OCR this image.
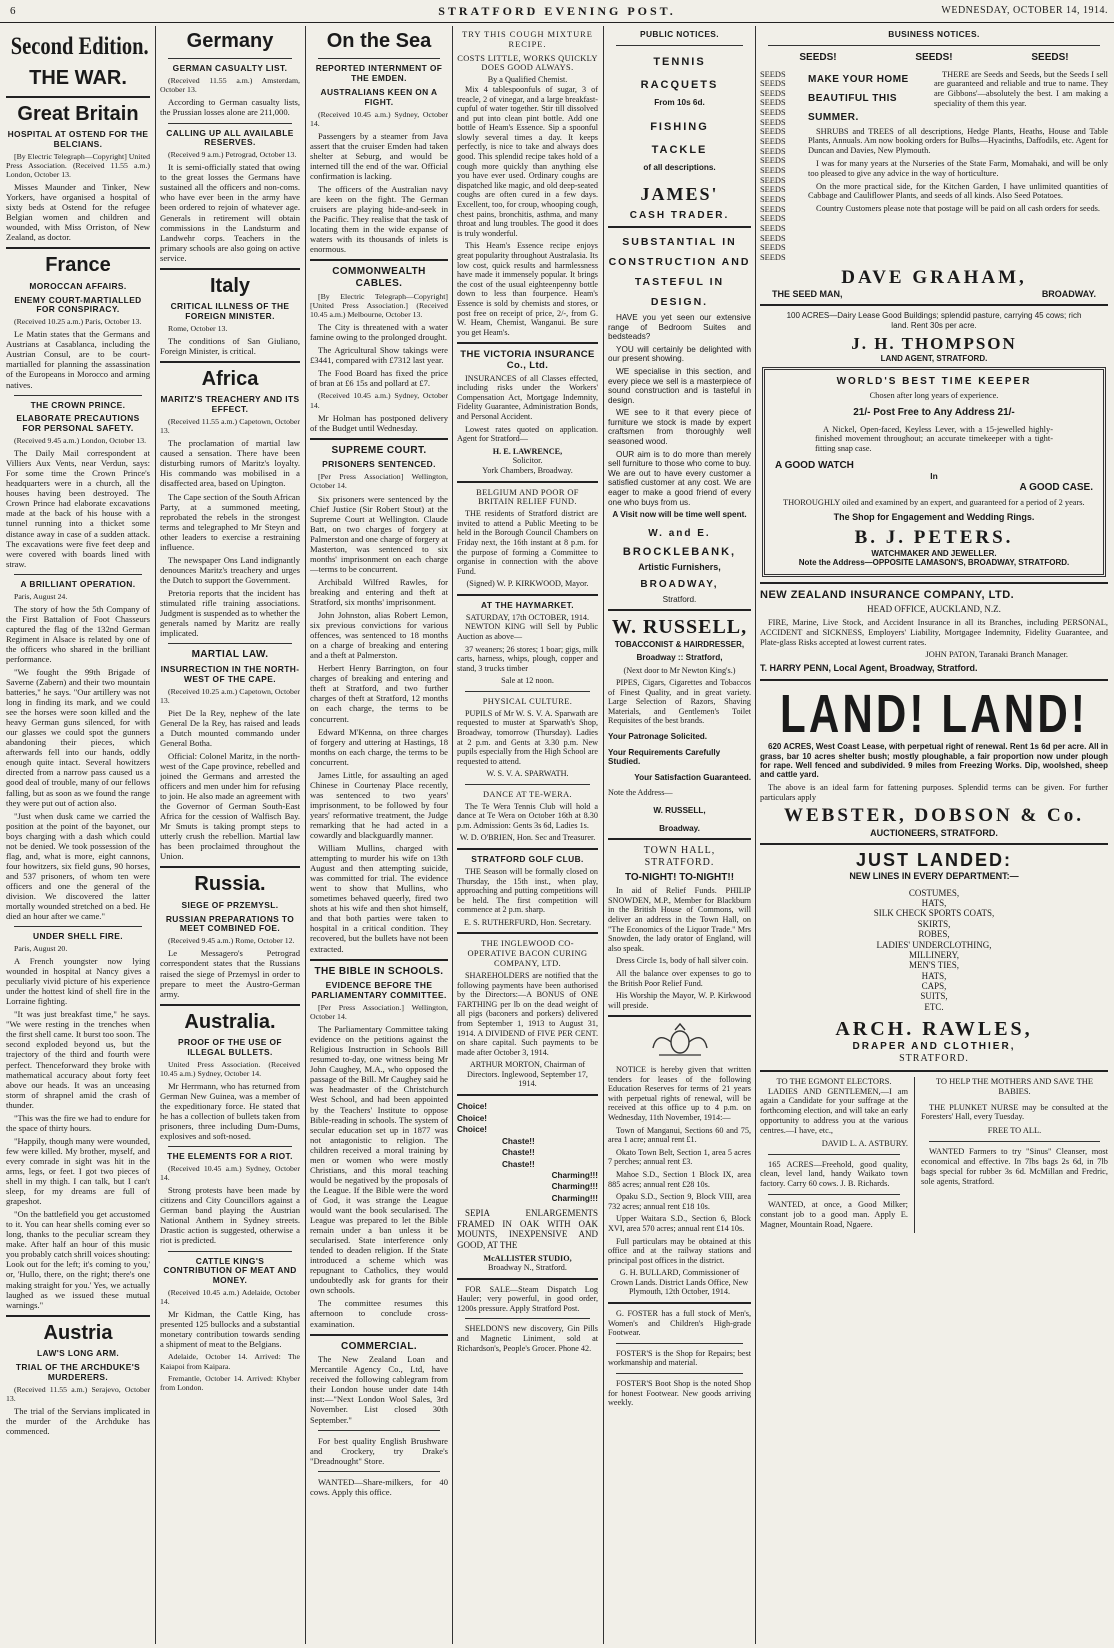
6	STRATFORD EVENING POST.	WEDNESDAY, OCTOBER 14, 1914.
Second Edition.
THE WAR.
Great Britain
HOSPITAL AT OSTEND FOR THE BELCIANS.

[By Electric Telegraph—Copyright] United Press Association. (Received 11.55 a.m.) London, October 13.

Misses Maunder and Tinker, New Yorkers, have organised a hospital of sixty beds at Ostend for the refugee Belgian women and children and wounded, with Miss Orriston, of New Zealand, as doctor.

France
MOROCCAN AFFAIRS.
ENEMY COURT-MARTIALLED FOR CONSPIRACY.

(Received 10.25 a.m.) Paris, October 13.

Le Matin states that the Germans and Austrians at Casablanca, including the Austrian Consul, are to be court-martialled for planning the assassination of the Europeans in Morocco and arming natives.

THE CROWN PRINCE.
ELABORATE PRECAUTIONS FOR PERSONAL SAFETY.

(Received 9.45 a.m.) London, October 13.

The Daily Mail correspondent at Villiers Aux Vents, near Verdun, says: For some time the Crown Prince's headquarters were in a church, all the houses having been destroyed. The Crown Prince had elaborate excavations made at the back of his house with a tunnel running into a thicket some distance away in case of a sudden attack. The excavations were five feet deep and were covered with boards lined with straw.

A BRILLIANT OPERATION.

Paris, August 24.

The story of how the 5th Company of the First Battalion of Foot Chasseurs captured the flag of the 132nd German Regiment in Alsace is related by one of the officers who shared in the brilliant performance.

"We fought the 99th Brigade of Saverne (Zabern) and their two mountain batteries," he says. "Our artillery was not long in finding its mark, and we could see the horses were soon killed and the heavy German guns silenced, for with our glasses we could spot the gunners abandoning their pieces, which afterwards fell into our hands, oddly enough quite intact. Several howitzers directed from a narrow pass caused us a good deal of trouble, many of our fellows falling, but as soon as we found the range they were put out of action also.

"Just when dusk came we carried the position at the point of the bayonet, our boys charging with a dash which could not be denied. We took possession of the flag, and, what is more, eight cannons, four howitzers, six field guns, 90 horses, and 537 prisoners, of whom ten were officers and one the general of the division. We discovered the latter mortally wounded stretched on a bed. He died an hour after we came."

UNDER SHELL FIRE.

Paris, August 20.

A French youngster now lying wounded in hospital at Nancy gives a peculiarly vivid picture of his experience under the hottest kind of shell fire in the Lorraine fighting.

"It was just breakfast time," he says. "We were resting in the trenches when the first shell came. It burst too soon. The second exploded beyond us, but the trajectory of the third and fourth were perfect. Thenceforward they broke with mathematical accuracy about forty feet above our heads. It was an unceasing storm of shrapnel amid the crash of thunder.

"This was the fire we had to endure for the space of thirty hours.

"Happily, though many were wounded, few were killed. My brother, myself, and every comrade in sight was hit in the arms, legs, or feet. I got two pieces of shell in my thigh. I can talk, but I can't sleep, for my dreams are full of grapeshot.

"On the battlefield you get accustomed to it. You can hear shells coming ever so long, thanks to the peculiar scream they make. After half an hour of this music you probably catch shrill voices shouting: Look out for the left; it's coming to you,' or, 'Hullo, there, on the right; there's one making straight for you.' Yes, we actually laughed as we issued these mutual warnings."

Austria
LAW'S LONG ARM.
TRIAL OF THE ARCHDUKE'S MURDERERS.

(Received 11.55 a.m.) Serajevo, October 13.

The trial of the Servians implicated in the murder of the Archduke has commenced.

Germany
GERMAN CASUALTY LIST.

(Received 11.55 a.m.) Amsterdam, October 13.

According to German casualty lists, the Prussian losses alone are 211,000.

CALLING UP ALL AVAILABLE RESERVES.

(Received 9 a.m.) Petrograd, October 13.

It is semi-officially stated that owing to the great losses the Germans have sustained all the officers and non-coms. who have ever been in the army have been ordered to rejoin of whatever age. Generals in retirement will obtain commissions in the Landsturm and Landwehr corps. Teachers in the primary schools are also going on active service.

Italy
CRITICAL ILLNESS OF THE FOREIGN MINISTER.

Rome, October 13.

The conditions of San Giuliano, Foreign Minister, is critical.

Africa
MARITZ'S TREACHERY AND ITS EFFECT.

(Received 11.55 a.m.) Capetown, October 13.

The proclamation of martial law caused a sensation. There have been disturbing rumors of Maritz's loyalty. His commando was mobilised in a disaffected area, based on Upington.

The Cape section of the South African Party, at a summoned meeting, reprobated the rebels in the strongest terms and telegraphed to Mr Steyn and other leaders to exercise a restraining influence.

The newspaper Ons Land indignantly denounces Maritz's treachery and urges the Dutch to support the Government.

Pretoria reports that the incident has stimulated rifle training associations. Judgment is suspended as to whether the generals named by Maritz are really implicated.

MARTIAL LAW.
INSURRECTION IN THE NORTH-WEST OF THE CAPE.

(Received 10.25 a.m.) Capetown, October 13.

Piet De la Rey, nephew of the late General De la Rey, has raised and leads a Dutch mounted commando under General Botha.

Official: Colonel Maritz, in the north-west of the Cape province, rebelled and joined the Germans and arrested the officers and men under him for refusing to join. He also made an agreement with the Governor of German South-East Africa for the cession of Walfisch Bay. Mr Smuts is taking prompt steps to utterly crush the rebellion. Martial law has been proclaimed throughout the Union.

Russia.
SIEGE OF PRZEMYSL.
RUSSIAN PREPARATIONS TO MEET COMBINED FOE.

(Received 9.45 a.m.) Rome, October 12.

Le Messagero's Petrograd correspondent states that the Russians raised the siege of Przemysl in order to prepare to meet the Austro-German army.

Australia.
PROOF OF THE USE OF ILLEGAL BULLETS.

United Press Association. (Received 10.45 a.m.) Sydney, October 14.

Mr Herrmann, who has returned from German New Guinea, was a member of the expeditionary force. He stated that he has a collection of bullets taken from prisoners, three including Dum-Dums, explosives and soft-nosed.

THE ELEMENTS FOR A RIOT.

(Received 10.45 a.m.) Sydney, October 14.

Strong protests have been made by citizens and City Councillors against a German band playing the Austrian National Anthem in Sydney streets. Drastic action is suggested, otherwise a riot is predicted.

CATTLE KING'S CONTRIBUTION OF MEAT AND MONEY.

(Received 10.45 a.m.) Adelaide, October 14.

Mr Kidman, the Cattle King, has presented 125 bullocks and a substantial monetary contribution towards sending a shipment of meat to the Belgians.

Adelaide, October 14. Arrived: The Kaiapoi from Kaipara.

Fremantle, October 14. Arrived: Khyber from London.

On the Sea
REPORTED INTERNMENT OF THE EMDEN.
AUSTRALIANS KEEN ON A FIGHT.

(Received 10.45 a.m.) Sydney, October 14.

Passengers by a steamer from Java assert that the cruiser Emden had taken shelter at Seburg, and would be interned till the end of the war. Official confirmation is lacking.

The officers of the Australian navy are keen on the fight. The German cruisers are playing hide-and-seek in the Pacific. They realise that the task of locating them in the wide expanse of waters with its thousands of inlets is enormous.

COMMONWEALTH CABLES.

[By Electric Telegraph—Copyright] [United Press Association.] (Received 10.45 a.m.) Melbourne, October 13.

The City is threatened with a water famine owing to the prolonged drought.

The Agricultural Show takings were £3441, compared with £7312 last year.

The Food Board has fixed the price of bran at £6 15s and pollard at £7.

(Received 10.45 a.m.) Sydney, October 14.

Mr Holman has postponed delivery of the Budget until Wednesday.

SUPREME COURT.
PRISONERS SENTENCED.

[Per Press Association] Wellington, October 14.

Six prisoners were sentenced by the Chief Justice (Sir Robert Stout) at the Supreme Court at Wellington. Claude Batt, on two charges of forgery at Palmerston and one charge of forgery at Masterton, was sentenced to six months' imprisonment on each charge—terms to be concurrent.

Archibald Wilfred Rawles, for breaking and entering and theft at Stratford, six months' imprisonment.

John Johnston, alias Robert Lemon, six previous convictions for various offences, was sentenced to 18 months on a charge of breaking and entering and a theft at Palmerston.

Herbert Henry Barrington, on four charges of breaking and entering and theft at Stratford, and two further charges of theft at Stratford, 12 months on each charge, the terms to be concurrent.

Edward M'Kenna, on three charges of forgery and uttering at Hastings, 18 months on each charge, the terms to be concurrent.

James Little, for assaulting an aged Chinese in Courtenay Place recently, was sentenced to two years' imprisonment, to be followed by four years' reformative treatment, the Judge remarking that he had acted in a cowardly and blackguardly manner.

William Mullins, charged with attempting to murder his wife on 13th August and then attempting suicide, was committed for trial. The evidence went to show that Mullins, who sometimes behaved queerly, fired two shots at his wife and then shot himself, and that both parties were taken to hospital in a critical condition. They recovered, but the bullets have not been extracted.

THE BIBLE IN SCHOOLS.
EVIDENCE BEFORE THE PARLIAMENTARY COMMITTEE.

[Per Press Association.] Wellington, October 14.

The Parliamentary Committee taking evidence on the petitions against the Religious Instruction in Schools Bill resumed to-day, one witness being Mr John Caughey, M.A., who opposed the passage of the Bill. Mr Caughey said he was headmaster of the Christchurch West School, and had been appointed by the Teachers' Institute to oppose Bible-reading in schools. The system of secular education set up in 1877 was not antagonistic to religion. The children received a moral training by men or women who were mostly Christians, and this moral teaching would be negatived by the proposals of the League. If the Bible were the word of God, it was strange the League would want the book secularised. The League was prepared to let the Bible remain under a ban unless it be secularised. State interference only tended to deaden religion. If the State introduced a scheme which was repugnant to Catholics, they would undoubtedly ask for grants for their own schools.

The committee resumes this afternoon to conclude cross-examination.

COMMERCIAL.

The New Zealand Loan and Mercantile Agency Co., Ltd, have received the following cablegram from their London house under date 14th inst:—"Next London Wool Sales, 3rd November. List closed 30th September."

For best quality English Brushware and Crockery, try Drake's "Dreadnought" Store.

WANTED—Share-milkers, for 40 cows. Apply this office.

TRY THIS COUGH MIXTURE RECIPE.
COSTS LITTLE, WORKS QUICKLY DOES GOOD ALWAYS.
By a Qualified Chemist.

Mix 4 tablespoonfuls of sugar, 3 of treacle, 2 of vinegar, and a large breakfast-cupful of water together. Stir till dissolved and put into clean pint bottle. Add one bottle of Heam's Essence. Sip a spoonful slowly several times a day. It keeps perfectly, is nice to take and always does good. This splendid recipe takes hold of a cough more quickly than anything else you have ever used. Ordinary coughs are dispatched like magic, and old deep-seated coughs are often cured in a few days. Excellent, too, for croup, whooping cough, chest pains, bronchitis, asthma, and many throat and lung troubles. The good it does is truly wonderful.

This Heam's Essence recipe enjoys great popularity throughout Australasia. Its low cost, quick results and harmlessness have made it immensely popular. It brings the cost of the usual eighteenpenny bottle down to less than fourpence. Heam's Essence is sold by chemists and stores, or post free on receipt of price, 2/-, from G. W. Heam, Chemist, Wanganui. Be sure you get Heam's.

THE VICTORIA INSURANCE Co., Ltd.

INSURANCES of all Classes effected, including risks under the Workers' Compensation Act, Mortgage Indemnity, Fidelity Guarantee, Administration Bonds, and Personal Accident.

Lowest rates quoted on application. Agent for Stratford—

H. E. LAWRENCE,
Solicitor.
York Chambers, Broadway.
BELGIUM AND POOR OF BRITAIN RELIEF FUND.

THE residents of Stratford district are invited to attend a Public Meeting to be held in the Borough Council Chambers on Friday next, the 16th instant at 8 p.m. for the purpose of forming a Committee to organise in connection with the above Fund.

(Signed) W. P. KIRKWOOD, Mayor.
AT THE HAYMARKET.
SATURDAY, 17th OCTOBER, 1914.

NEWTON KING will Sell by Public Auction as above—

37 weaners; 26 stores; 1 boar; gigs, milk carts, harness, whips, plough, copper and stand, 3 trucks timber

Sale at 12 noon.
PHYSICAL CULTURE.

PUPILS of Mr W. S. V. A. Sparwath are requested to muster at Sparwath's Shop, Broadway, tomorrow (Thursday). Ladies at 2 p.m. and Gents at 3.30 p.m. New pupils especially from the High School are requested to attend.

W. S. V. A. SPARWATH.
DANCE AT TE-WERA.

The Te Wera Tennis Club will hold a dance at Te Wera on October 16th at 8.30 p.m. Admission: Gents 3s 6d, Ladies 1s.

W. D. O'BRIEN, Hon. Sec and Treasurer.
STRATFORD GOLF CLUB.

THE Season will be formally closed on Thursday, the 15th inst., when play, approaching and putting competitions will be held. The first competition will commence at 2 p.m. sharp.

E. S. RUTHERFURD, Hon. Secretary.
THE INGLEWOOD CO-OPERATIVE BACON CURING COMPANY, LTD.

SHAREHOLDERS are notified that the following payments have been authorised by the Directors:—A BONUS of ONE FARTHING per lb on the dead weight of all pigs (baconers and porkers) delivered from September 1, 1913 to August 31, 1914. A DIVIDEND of FIVE PER CENT. on share capital. Such payments to be made after October 3, 1914.

ARTHUR MORTON, Chairman of Directors. Inglewood, September 17, 1914.
Choice!
Choice!
Choice!
Chaste!!
Chaste!!
Chaste!!
Charming!!!
Charming!!!
Charming!!!

SEPIA ENLARGEMENTS FRAMED IN OAK WITH OAK MOUNTS, INEXPENSIVE AND GOOD, AT THE

McALLISTER STUDIO,
Broadway N., Stratford.

FOR SALE—Steam Dispatch Log Hauler; very powerful, in good order, 1200s pressure. Apply Stratford Post.

SHELDON'S new discovery, Gin Pills and Magnetic Liniment, sold at Richardson's, People's Grocer. Phone 42.

PUBLIC NOTICES.
TENNIS
RACQUETS
From 10s 6d.
FISHING
TACKLE
of all descriptions.
JAMES'
CASH TRADER.
SUBSTANTIAL IN CONSTRUCTION AND TASTEFUL IN DESIGN.

HAVE you yet seen our extensive range of Bedroom Suites and bedsteads?

YOU will certainly be delighted with our present showing.

WE specialise in this section, and every piece we sell is a masterpiece of sound construction and is tasteful in design.

WE see to it that every piece of furniture we stock is made by expert craftsmen from thoroughly well seasoned wood.

OUR aim is to do more than merely sell furniture to those who come to buy. We are out to have every customer a satisfied customer at any cost. We are eager to make a good friend of every one who buys from us.

A Visit now will be time well spent.
W. and E.
BROCKLEBANK,
Artistic Furnishers,
BROADWAY,
Stratford.
W. RUSSELL,
TOBACCONIST & HAIRDRESSER,
Broadway :: Stratford,
(Next door to Mr Newton King's.)

PIPES, Cigars, Cigarettes and Tobaccos of Finest Quality, and in great variety. Large Selection of Razors, Shaving Materials, and Gentlemen's Toilet Requisites of the best brands.

Your Patronage Solicited.
Your Requirements Carefully Studied.
Your Satisfaction Guaranteed.
Note the Address—
W. RUSSELL,
Broadway.
TOWN HALL, STRATFORD.
TO-NIGHT! TO-NIGHT!!

In aid of Relief Funds. PHILIP SNOWDEN, M.P., Member for Blackburn in the British House of Commons, will deliver an address in the Town Hall, on "The Economics of the Liquor Trade." Mrs Snowden, the lady orator of England, will also speak.

Dress Circle 1s, body of hall silver coin.

All the balance over expenses to go to the British Poor Relief Fund.

His Worship the Mayor, W. P. Kirkwood will preside.

NOTICE is hereby given that written tenders for leases of the following Education Reserves for terms of 21 years with perpetual rights of renewal, will be received at this office up to 4 p.m. on Wednesday, 11th November, 1914:—

Town of Manganui, Sections 60 and 75, area 1 acre; annual rent £1.

Okato Town Belt, Section 1, area 5 acres 7 perches; annual rent £3.

Mahoe S.D., Section 1 Block IX, area 885 acres; annual rent £28 10s.

Opaku S.D., Section 9, Block VIII, area 732 acres; annual rent £18 10s.

Upper Waitara S.D., Section 6, Block XVI, area 570 acres; annual rent £14 10s.

Full particulars may be obtained at this office and at the railway stations and principal post offices in the district.

G. H. BULLARD, Commissioner of Crown Lands. District Lands Office, New Plymouth, 12th October, 1914.

G. FOSTER has a full stock of Men's, Women's and Children's High-grade Footwear.

FOSTER'S is the Shop for Repairs; best workmanship and material.

FOSTER'S Boot Shop is the noted Shop for honest Footwear. New goods arriving weekly.

BUSINESS NOTICES.
SEEDS!	SEEDS!	SEEDS!
SEEDS
SEEDS
SEEDS
SEEDS
SEEDS
SEEDS
SEEDS
SEEDS
SEEDS
SEEDS
SEEDS
SEEDS
SEEDS
SEEDS
SEEDS
SEEDS
SEEDS
SEEDS
SEEDS
SEEDS
MAKE YOUR HOME
BEAUTIFUL THIS
SUMMER.

THERE are Seeds and Seeds, but the Seeds I sell are guaranteed and reliable and true to name. They are Gibbons'—absolutely the best. I am making a speciality of them this year.

SHRUBS and TREES of all descriptions, Hedge Plants, Heaths, House and Table Plants, Annuals. Am now booking orders for Bulbs—Hyacinths, Daffodils, etc. Agent for Duncan and Davies, New Plymouth.

I was for many years at the Nurseries of the State Farm, Momahaki, and will be only too pleased to give any advice in the way of horticulture.

On the more practical side, for the Kitchen Garden, I have unlimited quantities of Cabbage and Cauliflower Plants, and seeds of all kinds. Also Seed Potatoes.

Country Customers please note that postage will be paid on all cash orders for seeds.

DAVE GRAHAM,
THE SEED MAN,	BROADWAY.
100 ACRES—Dairy Lease Good Buildings; splendid pasture, carrying 45 cows; rich land. Rent 30s per acre.
J. H. THOMPSON
LAND AGENT, STRATFORD.
WORLD'S BEST TIME KEEPER
Chosen after long years of experience.
21/- Post Free to Any Address 21/-

A Nickel, Open-faced, Keyless Lever, with a 15-jewelled highly-finished movement throughout; an accurate timekeeper with a tight-fitting snap case.

A GOOD WATCH
In
A GOOD CASE.

THOROUGHLY oiled and examined by an expert, and guaranteed for a period of 2 years.

The Shop for Engagement and Wedding Rings.
B. J. PETERS.
WATCHMAKER AND JEWELLER.
Note the Address—OPPOSITE LAMASON'S, BROADWAY, STRATFORD.
NEW ZEALAND INSURANCE COMPANY, LTD.
HEAD OFFICE, AUCKLAND, N.Z.

FIRE, Marine, Live Stock, and Accident Insurance in all its Branches, including PERSONAL, ACCIDENT and SICKNESS, Employers' Liability, Mortgagee Indemnity, Fidelity Guarantee, and Plate-glass Risks accepted at lowest current rates.

JOHN PATON, Taranaki Branch Manager.
T. HARRY PENN, Local Agent, Broadway, Stratford.
LAND! LAND!

620 ACRES, West Coast Lease, with perpetual right of renewal. Rent 1s 6d per acre. All in grass, bar 10 acres shelter bush; mostly ploughable, a fair proportion now under plough for rape. Well fenced and subdivided. 9 miles from Freezing Works. Dip, woolshed, sheep and cattle yard.

The above is an ideal farm for fattening purposes. Splendid terms can be given. For further particulars apply

WEBSTER, DOBSON & Co.
AUCTIONEERS, STRATFORD.
JUST LANDED:
NEW LINES IN EVERY DEPARTMENT:—
COSTUMES,
HATS,
SILK CHECK SPORTS COATS,
SKIRTS,
ROBES,
LADIES' UNDERCLOTHING,
MILLINERY,
MEN'S TIES,
HATS,
CAPS,
SUITS,
ETC.
ARCH. RAWLES,
DRAPER AND CLOTHIER,
STRATFORD.
TO THE EGMONT ELECTORS.

LADIES AND GENTLEMEN,—I am again a Candidate for your suffrage at the forthcoming election, and will take an early opportunity to address you at the various centres.—I have, etc.,

DAVID L. A. ASTBURY.

165 ACRES—Freehold, good quality, clean, level land, handy Waikato town factory. Carry 60 cows. J. B. Richards.

WANTED, at once, a Good Milker; constant job to a good man. Apply E. Magner, Mountain Road, Ngaere.

TO HELP THE MOTHERS AND SAVE THE BABIES.

THE PLUNKET NURSE may be consulted at the Foresters' Hall, every Tuesday.

FREE TO ALL.

WANTED Farmers to try "Sinus" Cleanser, most economical and effective. In 7lbs bags 2s 6d, in 7lb bags special for rubber 3s 6d. McMillan and Fredric, sole agents, Stratford.
